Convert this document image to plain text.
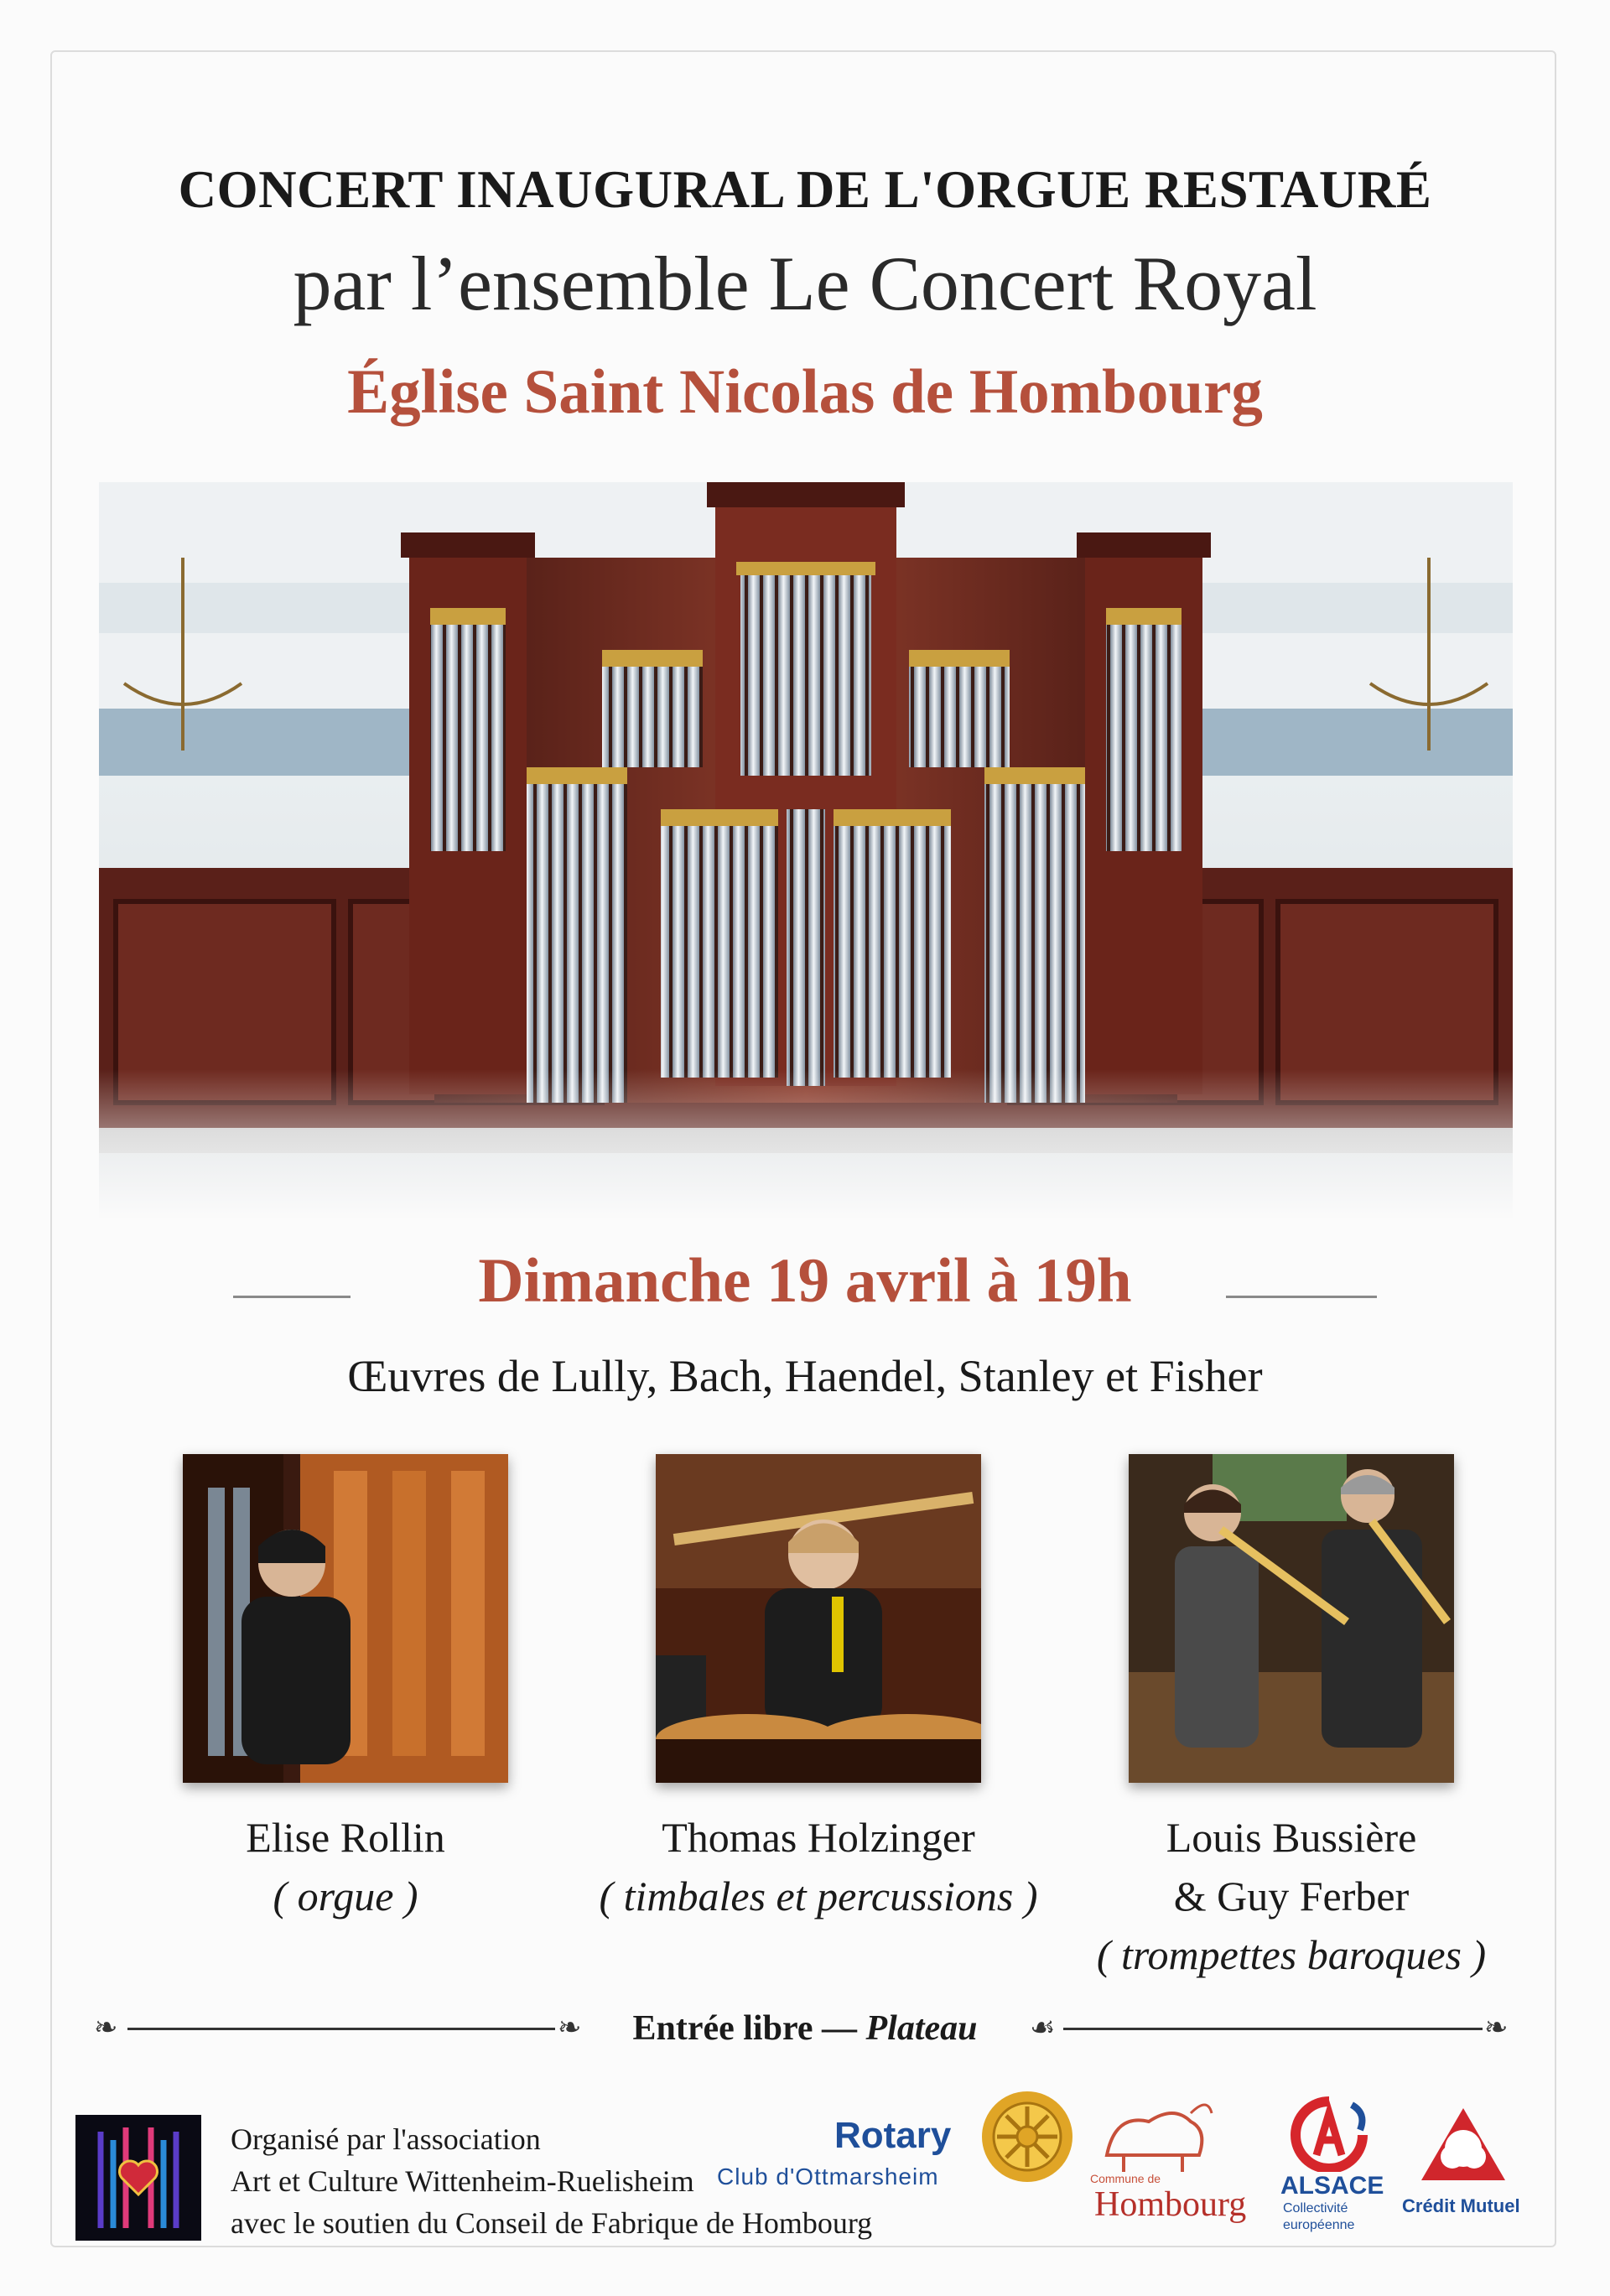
CONCERT INAUGURAL DE L'ORGUE RESTAURÉ
par l’ensemble Le Concert Royal
Église Saint Nicolas de Hombourg
Dimanche 19 avril à 19h
Œuvres de Lully, Bach, Haendel, Stanley et Fisher
Elise Rollin
( orgue )
Thomas Holzinger
( timbales et percussions )
Louis Bussière
& Guy Ferber
( trompettes baroques )
❧	❧	Entrée libre — Plateau	☙	❧
Organisé par l'association
Art et Culture Wittenheim-Ruelisheim
avec le soutien du Conseil de Fabrique de Hombourg
Rotary
Club d'Ottmarsheim	Commune de
Hombourg ALSACE
Collectivité
européenne
Crédit Mutuel
